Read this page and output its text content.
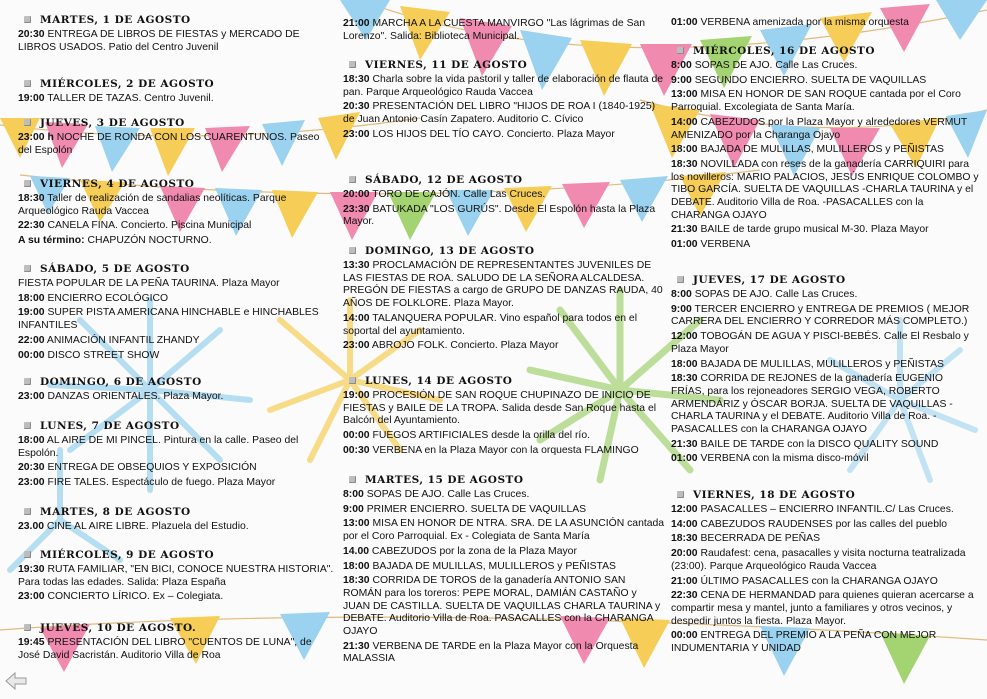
MARTES, 1 DE AGOSTO
20:30 ENTREGA DE LIBROS DE FIESTAS y MERCADO DE LIBROS USADOS. Patio del Centro Juvenil
MIÉRCOLES, 2 DE AGOSTO
19:00 TALLER DE TAZAS. Centro Juvenil.
JUEVES, 3 DE AGOSTO
23:00 h NOCHE DE RONDA CON LOS CUARENTUNOS. Paseo del Espolón
VIERNES, 4 DE AGOSTO
18:30 Taller de realización de sandalias neolíticas. Parque Arqueológico Rauda Vaccea
22:30 CANELA FINA. Concierto. Piscina Municipal
A su término: CHAPUZÓN NOCTURNO.
SÁBADO, 5 DE AGOSTO
FIESTA POPULAR DE LA PEÑA TAURINA. Plaza Mayor
18:00 ENCIERRO ECOLÓGICO
19:00 SUPER PISTA AMERICANA HINCHABLE e HINCHABLES INFANTILES
22:00 ANIMACIÓN INFANTIL ZHANDY
00:00 DISCO STREET SHOW
DOMINGO, 6 DE AGOSTO
23:00 DANZAS ORIENTALES. Plaza Mayor.
LUNES, 7 DE AGOSTO
18:00 AL AIRE DE MI PINCEL. Pintura en la calle. Paseo del Espolón.
20:30 ENTREGA DE OBSEQUIOS Y EXPOSICIÓN
23:00 FIRE TALES. Espectáculo de fuego. Plaza Mayor
MARTES, 8 DE AGOSTO
23.00 CINE AL AIRE LIBRE. Plazuela del Estudio.
MIÉRCOLES, 9 DE AGOSTO
19:30 RUTA FAMILIAR, "EN BICI, CONOCE NUESTRA HISTORIA". Para todas las edades. Salida: Plaza España
23:00 CONCIERTO LÍRICO. Ex – Colegiata.
JUEVES, 10 DE AGOSTO.
19:45 PRESENTACIÓN DEL LIBRO "CUENTOS DE LUNA", de José David Sacristán. Auditorio Villa de Roa
21:00 MARCHA A LA CUESTA MANVIRGO "Las lágrimas de San Lorenzo". Salida: Biblioteca Municipal.
VIERNES, 11 DE AGOSTO
18:30 Charla sobre la vida pastoril y taller de elaboración de flauta de pan. Parque Arqueológico Rauda Vaccea
20:30 PRESENTACIÓN DEL LIBRO "HIJOS DE ROA I (1840-1925) de Juan Antonio Casín Zapatero. Auditorio C. Cívico
23:00 LOS HIJOS DEL TÍO CAYO. Concierto. Plaza Mayor
SÁBADO, 12 DE AGOSTO
20:00 TORO DE CAJÓN. Calle Las Cruces.
23:30 BATUKADA "LOS GURÚS". Desde El Espolón hasta la Plaza Mayor.
DOMINGO, 13 DE AGOSTO
13:30 PROCLAMACIÓN DE REPRESENTANTES JUVENILES DE LAS FIESTAS DE ROA. SALUDO DE LA SEÑORA ALCALDESA. PREGÓN DE FIESTAS a cargo de GRUPO DE DANZAS RAUDA, 40 AÑOS DE FOLKLORE. Plaza Mayor.
14:00 TALANQUERA POPULAR. Vino español para todos en el soportal del ayuntamiento.
23:00 ABROJO FOLK. Concierto. Plaza Mayor
LUNES, 14 DE AGOSTO
19:00 PROCESIÓN DE SAN ROQUE CHUPINAZO DE INICIO DE FIESTAS y BAILE DE LA TROPA. Salida desde San Roque hasta el Balcón del Ayuntamiento.
00:00 FUEGOS ARTIFICIALES desde la orilla del río.
00:30 VERBENA en la Plaza Mayor con la orquesta FLAMINGO
MARTES, 15 DE AGOSTO
8:00 SOPAS DE AJO. Calle Las Cruces.
9:00 PRIMER ENCIERRO. SUELTA DE VAQUILLAS
13:00 MISA EN HONOR DE NTRA. SRA. DE LA ASUNCIÓN cantada por el Coro Parroquial. Ex - Colegiata de Santa María
14.00 CABEZUDOS por la zona de la Plaza Mayor
18:00 BAJADA DE MULILLAS, MULILLEROS y PEÑISTAS
18:30 CORRIDA DE TOROS de la ganadería ANTONIO SAN ROMÁN para los toreros: PEPE MORAL, DAMIÁN CASTAÑO y JUAN DE CASTILLA. SUELTA DE VAQUILLAS CHARLA TAURINA y DEBATE. Auditorio Villa de Roa. PASACALLES con la CHARANGA OJAYO
21:30 VERBENA DE TARDE en la Plaza Mayor con la Orquesta MALASSIA
01:00 VERBENA amenizada por la misma orquesta
MIÉRCOLES, 16 DE AGOSTO
8:00 SOPAS DE AJO. Calle Las Cruces.
9:00 SEGUNDO ENCIERRO. SUELTA DE VAQUILLAS
13:00 MISA EN HONOR DE SAN ROQUE cantada por el Coro Parroquial. Excolegiata de Santa María.
14:00 CABEZUDOS por la Plaza Mayor y alrededores VERMUT AMENIZADO por la Charanga Ojayo
18:00 BAJADA DE MULILLAS, MULILLEROS y PEÑISTAS
18:30 NOVILLADA con reses de la ganadería CARRIQUIRI para los novilleros: MARIO PALACIOS, JESÚS ENRIQUE COLOMBO y TIBO GARCÍA. SUELTA DE VAQUILLAS -CHARLA TAURINA y el DEBATE. Auditorio Villa de Roa. -PASACALLES con la CHARANGA OJAYO
21:30 BAILE de tarde grupo musical M-30. Plaza Mayor
01:00 VERBENA
JUEVES, 17 DE AGOSTO
8:00 SOPAS DE AJO. Calle Las Cruces.
9:00 TERCER ENCIERRO y ENTREGA DE PREMIOS ( MEJOR CARRERA DEL ENCIERRO Y CORREDOR MÁS COMPLETO.)
12:00 TOBOGÁN DE AGUA Y PISCI-BEBÉS. Calle El Resbalo y Plaza Mayor
18:00 BAJADA DE MULILLAS, MULILLEROS y PEÑISTAS
18:30 CORRIDA DE REJONES de la ganadería EUGENIO FRÍAS, para los rejoneadores SERGIO VEGA, ROBERTO ARMENDÁRIZ y ÓSCAR BORJA. SUELTA DE VAQUILLAS -CHARLA TAURINA y el DEBATE. Auditorio Villa de Roa. -PASACALLES con la CHARANGA OJAYO
21:30 BAILE DE TARDE con la DISCO QUALITY SOUND
01:00 VERBENA con la misma disco-móvil
VIERNES, 18 DE AGOSTO
12:00 PASACALLES – ENCIERRO INFANTIL.C/ Las Cruces.
14:00 CABEZUDOS RAUDENSES por las calles del pueblo
18:30 BECERRADA DE PEÑAS
20:00 Raudafest: cena, pasacalles y visita nocturna teatralizada (23:00). Parque Arqueológico Rauda Vaccea
21:00 ÚLTIMO PASACALLES con la CHARANGA OJAYO
22:30 CENA DE HERMANDAD para quienes quieran acercarse a compartir mesa y mantel, junto a familiares y otros vecinos, y despedir juntos la fiesta. Plaza Mayor.
00:00 ENTREGA DEL PREMIO A LA PEÑA CON MEJOR INDUMENTARIA Y UNIDAD
